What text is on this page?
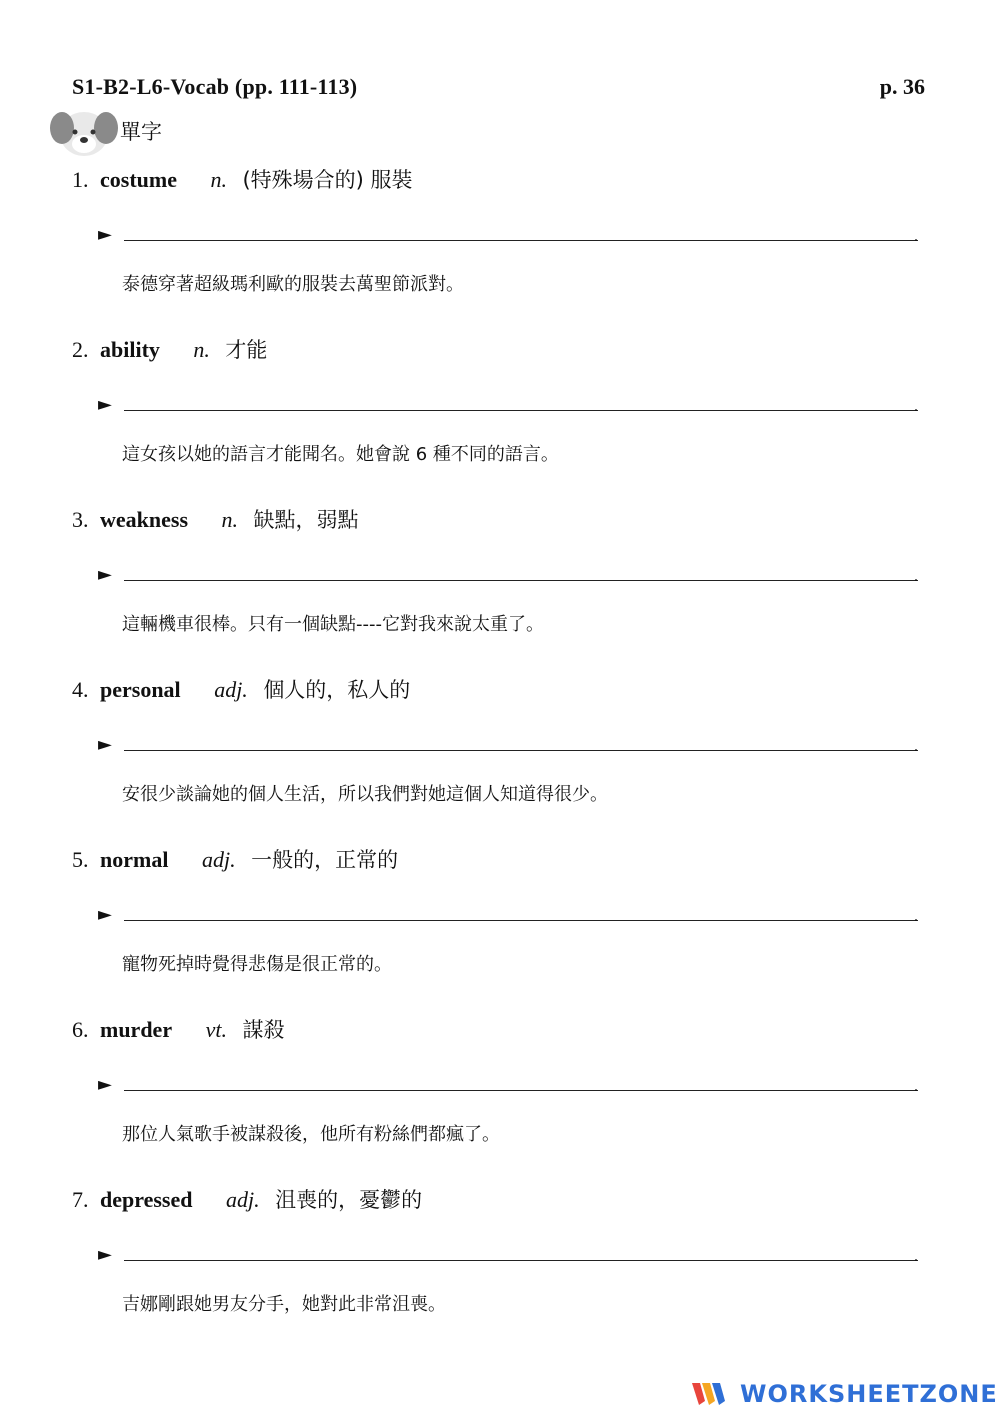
S1-B2-L6-Vocab (pp. 111-113)	p. 36
單字
1. costume n. (特殊場合的) 服裝
►	.
泰德穿著超級瑪利歐的服裝去萬聖節派對。
2. ability n. 才能
►	.
這女孩以她的語言才能聞名。她會說 6 種不同的語言。
3. weakness n. 缺點，弱點
►	.
這輛機車很棒。只有一個缺點----它對我來說太重了。
4. personal adj. 個人的，私人的
►	.
安很少談論她的個人生活，所以我們對她這個人知道得很少。
5. normal adj. 一般的，正常的
►	.
寵物死掉時覺得悲傷是很正常的。
6. murder vt. 謀殺
►	.
那位人氣歌手被謀殺後，他所有粉絲們都瘋了。
7. depressed adj. 沮喪的，憂鬱的
►	.
吉娜剛跟她男友分手，她對此非常沮喪。
WORKSHEETZONE
